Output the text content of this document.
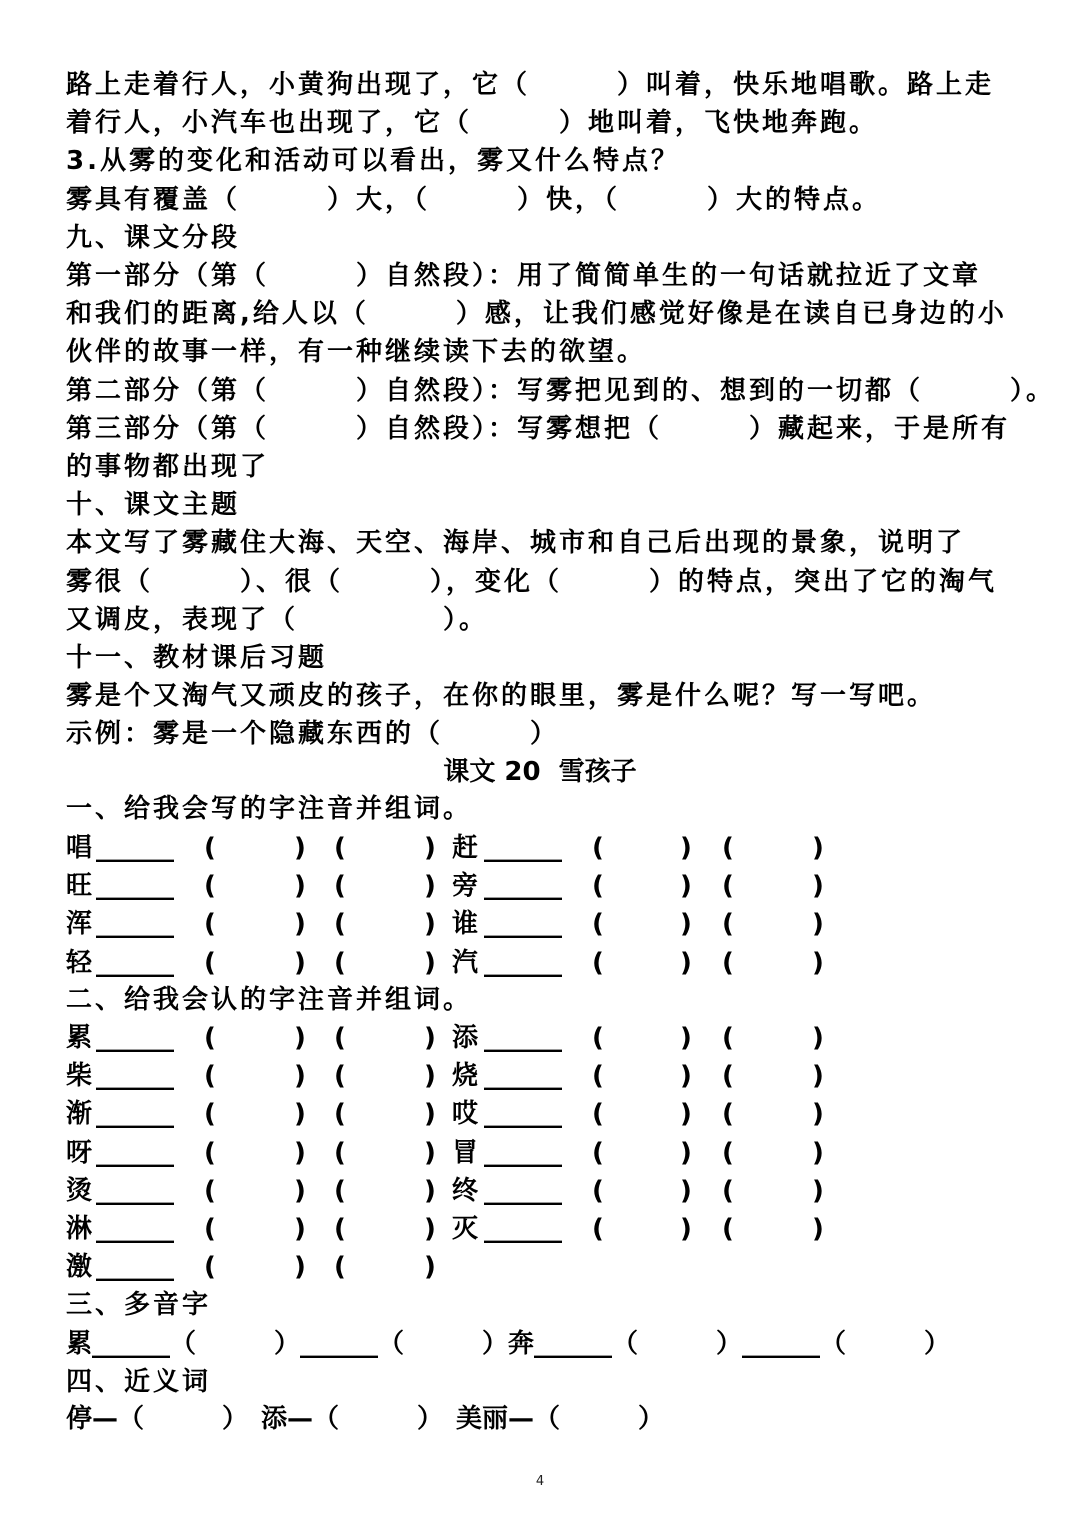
路上走着行人，小黄狗出现了，它（　　　）叫着，快乐地唱歌。路上走
着行人，小汽车也出现了，它（　　　）地叫着，飞快地奔跑。
3.从雾的变化和活动可以看出，雾又什么特点？
雾具有覆盖（　　　）大，（　　　）快，（　　　）大的特点。
九、课文分段
第一部分（第（　　　）自然段）：用了简简单生的一句话就拉近了文章
和我们的距离,给人以（　　　）感，让我们感觉好像是在读自已身边的小
伙伴的故事一样，有一种继续读下去的欲望。
第二部分（第（　　　）自然段）：写雾把见到的、想到的一切都（　　　）。
第三部分（第（　　　）自然段）：写雾想把（　　　）藏起来，于是所有
的事物都出现了
十、课文主题
本文写了雾藏住大海、天空、海岸、城市和自己后出现的景象，说明了
雾很（　　　）、很（　　　），变化（　　　）的特点，突出了它的淘气
又调皮，表现了（　　　　　）。
十一、教材课后习题
雾是个又淘气又顽皮的孩子，在你的眼里，雾是什么呢？写一写吧。
示例：雾是一个隐藏东西的（　　　）
课文 20  雪孩子
一、给我会写的字注音并组词。
唱 ______ (	) (	) 赶 ______ (	) (	)
旺 ______ (	) (	) 旁 ______ (	) (	)
浑 ______ (	) (	) 谁 ______ (	) (	)
轻 ______ (	) (	) 汽 ______ (	) (	)
二、给我会认的字注音并组词。
累 ______ (	) (	) 添 ______ (	) (	)
柴 ______ (	) (	) 烧 ______ (	) (	)
渐 ______ (	) (	) 哎 ______ (	) (	)
呀 ______ (	) (	) 冒 ______ (	) (	)
烫 ______ (	) (	) 终 ______ (	) (	)
淋 ______ (	) (	) 灭 ______ (	) (	)
激 ______ (	) (	)
三、多音字
累______（　　　）______（　　　）奔______（　　　）______（　　　）
四、近义词
停—（　　　）　添—（　　　）　美丽—（　　　）
4
